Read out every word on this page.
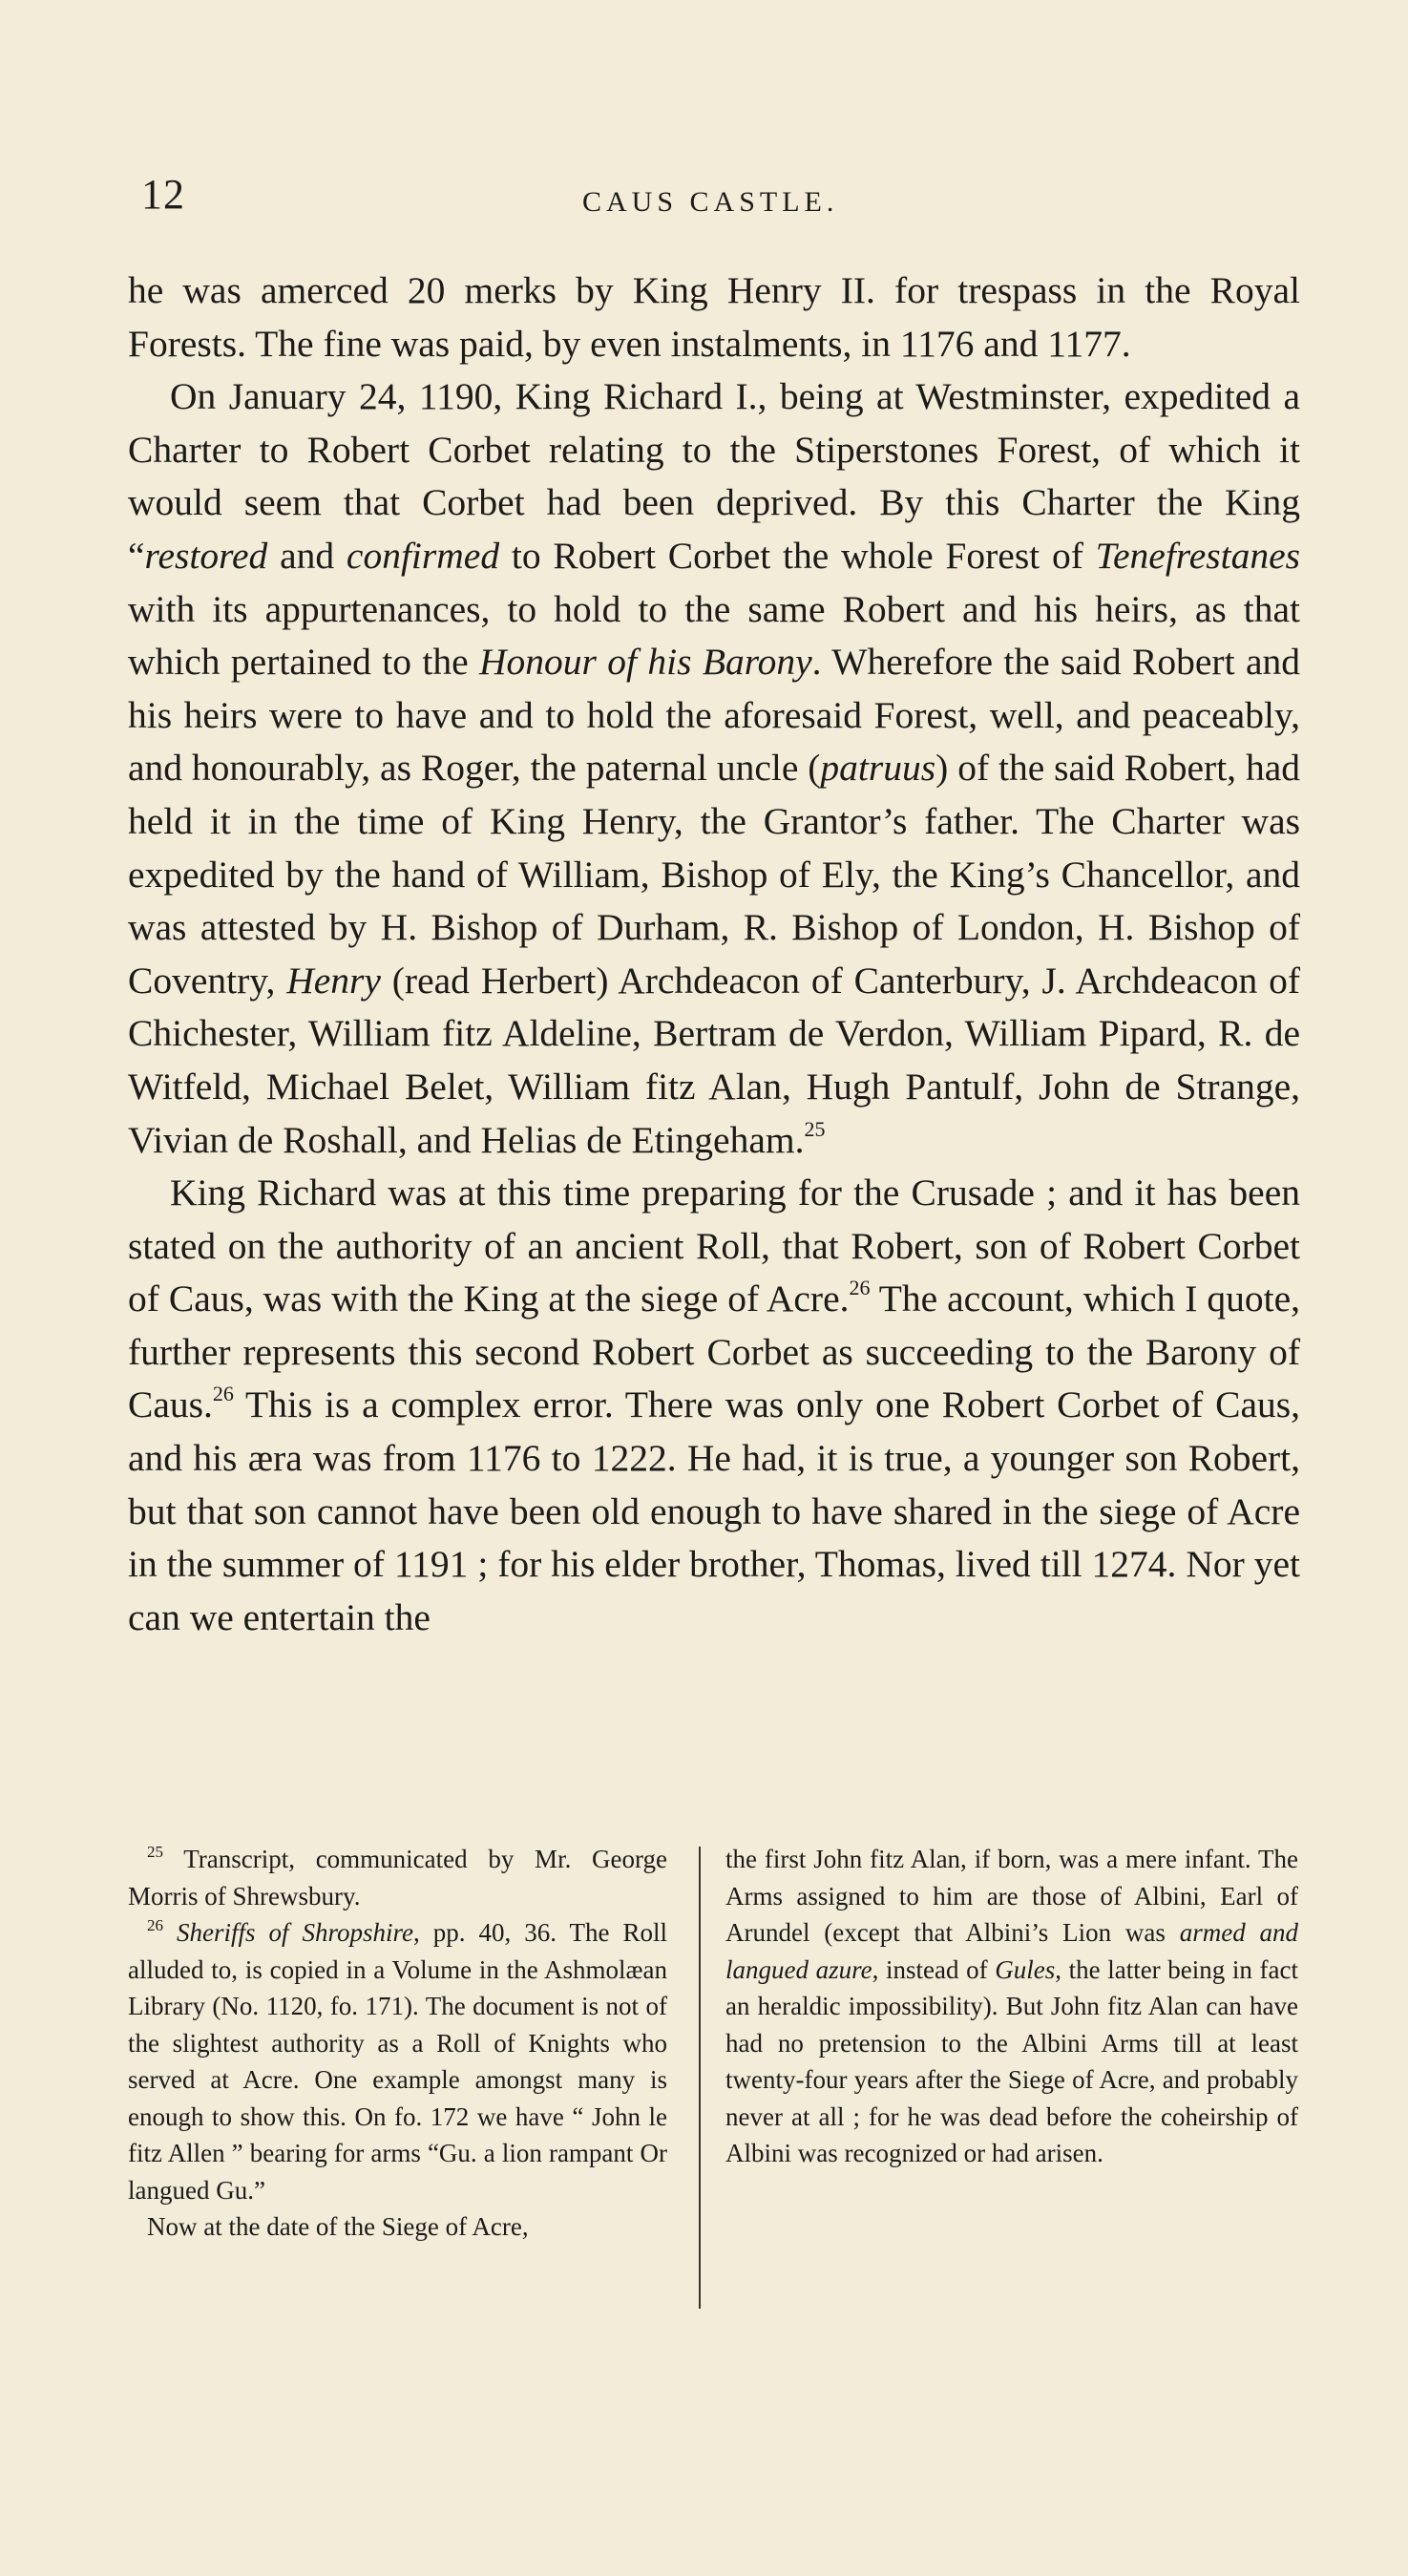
12	CAUS CASTLE.

he was amerced 20 merks by King Henry II. for trespass in the Royal Forests. The fine was paid, by even instalments, in 1176 and 1177.

On January 24, 1190, King Richard I., being at Westminster, expedited a Charter to Robert Corbet relating to the Stiperstones Forest, of which it would seem that Corbet had been deprived. By this Charter the King “restored and confirmed to Robert Corbet the whole Forest of Tenefrestanes with its appurtenances, to hold to the same Robert and his heirs, as that which pertained to the Honour of his Barony. Wherefore the said Robert and his heirs were to have and to hold the aforesaid Forest, well, and peaceably, and honourably, as Roger, the paternal uncle (patruus) of the said Robert, had held it in the time of King Henry, the Grantor’s father. The Charter was expedited by the hand of William, Bishop of Ely, the King’s Chancellor, and was attested by H. Bishop of Durham, R. Bishop of London, H. Bishop of Coventry, Henry (read Herbert) Archdeacon of Canterbury, J. Archdeacon of Chichester, William fitz Aldeline, Bertram de Verdon, William Pipard, R. de Witfeld, Michael Belet, William fitz Alan, Hugh Pantulf, John de Strange, Vivian de Roshall, and Helias de Etingeham.$^{25}$

King Richard was at this time preparing for the Crusade ; and it has been stated on the authority of an ancient Roll, that Robert, son of Robert Corbet of Caus, was with the King at the siege of Acre.$^{26}$ The account, which I quote, further represents this second Robert Corbet as succeeding to the Barony of Caus.$^{26}$ This is a complex error. There was only one Robert Corbet of Caus, and his æra was from 1176 to 1222. He had, it is true, a younger son Robert, but that son cannot have been old enough to have shared in the siege of Acre in the summer of 1191 ; for his elder brother, Thomas, lived till 1274. Nor yet can we entertain the

$^{25}$ Transcript, communicated by Mr. George Morris of Shrewsbury.

$^{26}$ Sheriffs of Shropshire, pp. 40, 36. The Roll alluded to, is copied in a Volume in the Ashmolæan Library (No. 1120, fo. 171). The document is not of the slightest authority as a Roll of Knights who served at Acre. One example amongst many is enough to show this. On fo. 172 we have “ John le fitz Allen ” bearing for arms “Gu. a lion rampant Or langued Gu.”

Now at the date of the Siege of Acre,

the first John fitz Alan, if born, was a mere infant. The Arms assigned to him are those of Albini, Earl of Arundel (except that Albini’s Lion was armed and langued azure, instead of Gules, the latter being in fact an heraldic impossibility). But John fitz Alan can have had no pretension to the Albini Arms till at least twenty-four years after the Siege of Acre, and probably never at all ; for he was dead before the coheirship of Albini was recognized or had arisen.
